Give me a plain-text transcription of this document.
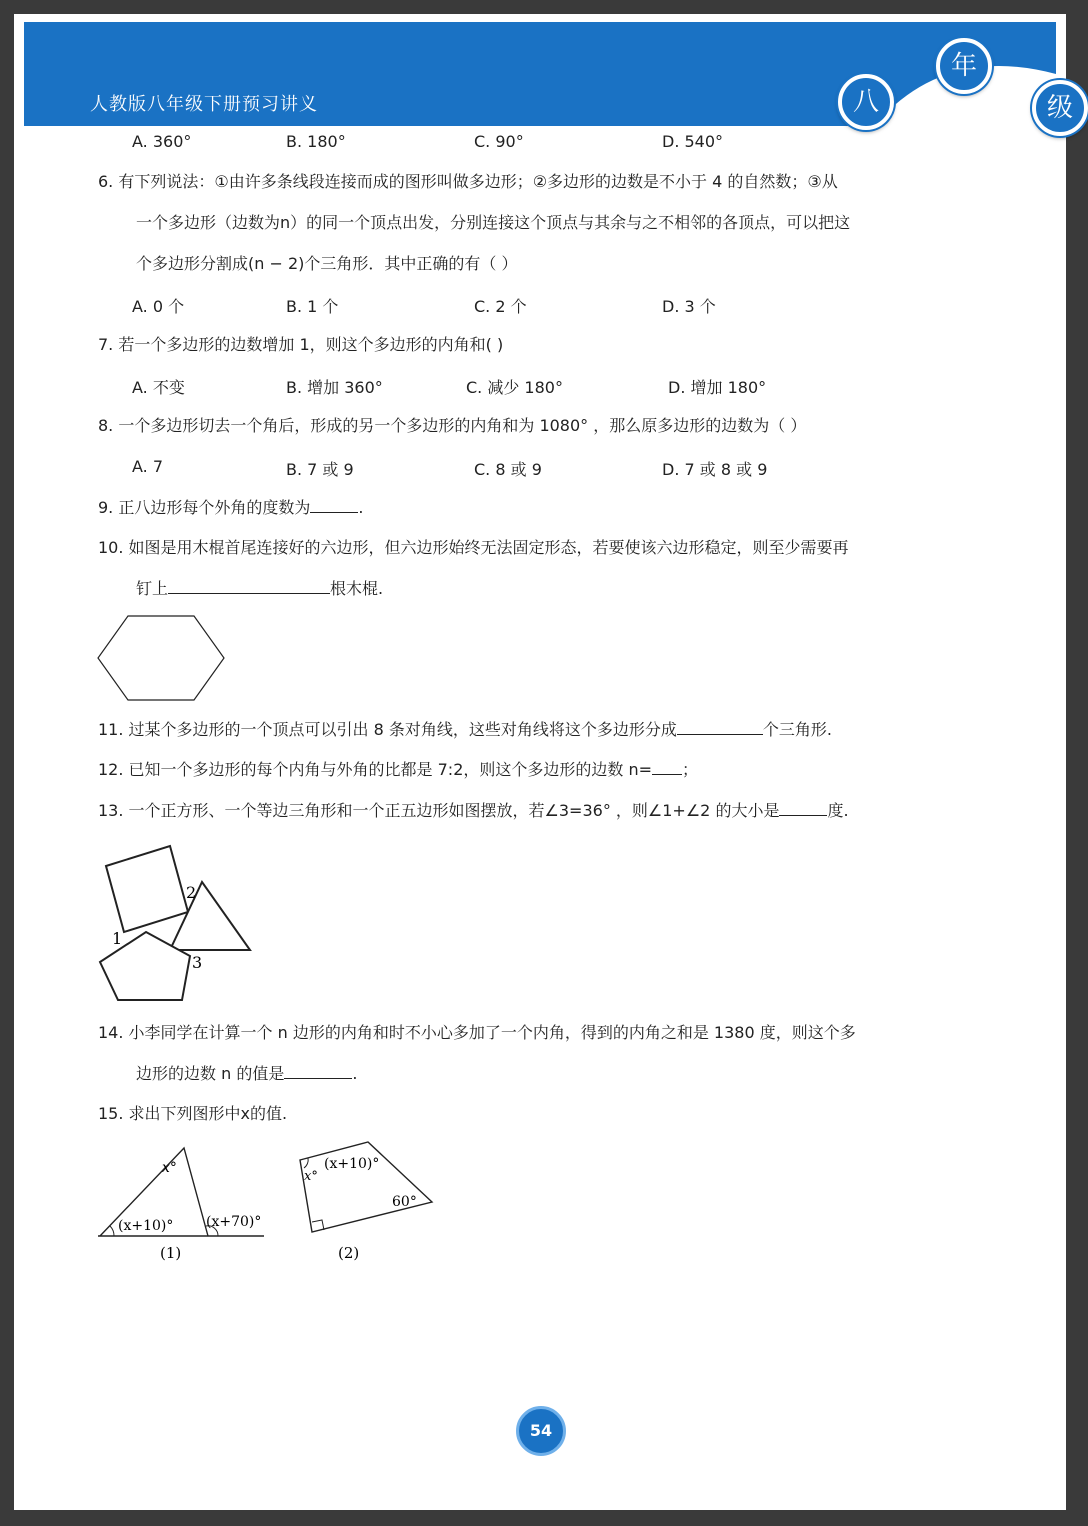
人教版八年级下册预习讲义	八
年
级
A. 360°	B. 180°	C. 90°	D. 540°
6. 有下列说法：①由许多条线段连接而成的图形叫做多边形；②多边形的边数是不小于 4 的自然数；③从
一个多边形（边数为n）的同一个顶点出发，分别连接这个顶点与其余与之不相邻的各顶点，可以把这
个多边形分割成(n − 2)个三角形．其中正确的有（ ）
A. 0 个	B. 1 个	C. 2 个	D. 3 个
7. 若一个多边形的边数增加 1，则这个多边形的内角和( )
A. 不变	B. 增加 360°	C. 减少 180°	D. 增加 180°
8. 一个多边形切去一个角后，形成的另一个多边形的内角和为 1080° ，那么原多边形的边数为（ ）
A. 7	B. 7 或 9	C. 8 或 9	D. 7 或 8 或 9
9. 正八边形每个外角的度数为	.
10. 如图是用木棍首尾连接好的六边形，但六边形始终无法固定形态，若要使该六边形稳定，则至少需要再
钉上	根木棍.
11. 过某个多边形的一个顶点可以引出 8 条对角线，这些对角线将这个多边形分成	个三角形.
12. 已知一个多边形的每个内角与外角的比都是 7:2，则这个多边形的边数 n= ；
13. 一个正方形、一个等边三角形和一个正五边形如图摆放，若∠3=36° ，则∠1+∠2 的大小是	度.
2
1
3
14. 小李同学在计算一个 n 边形的内角和时不小心多加了一个内角，得到的内角之和是 1380 度，则这个多
边形的边数 n 的值是	.
15. 求出下列图形中x的值.
x°
(x+10)° (x+70)°
(1)
x°
(x+10)°
60°
(2)
54
